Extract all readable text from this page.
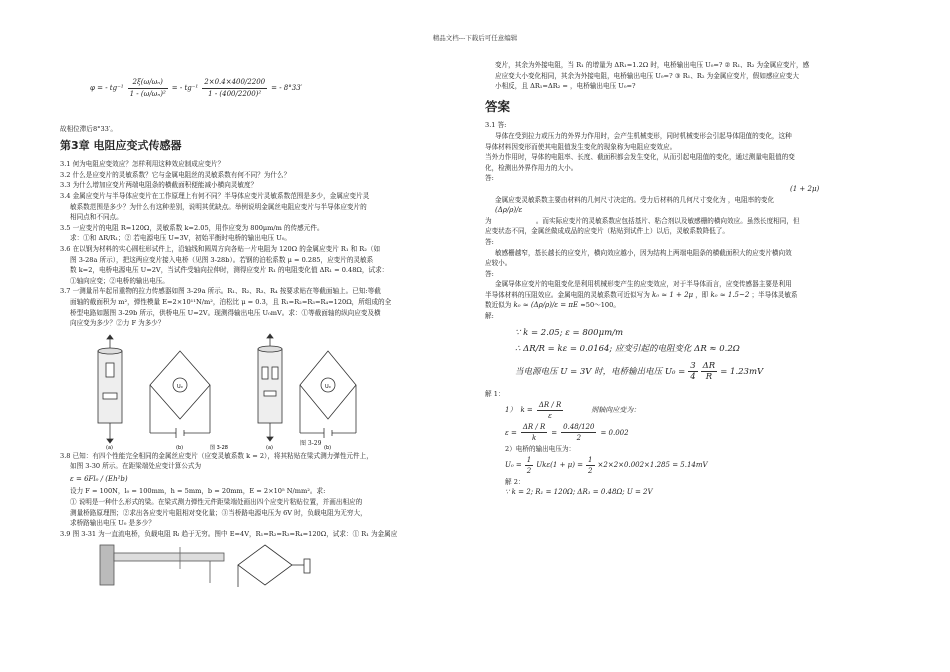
精品文档---下载后可任意编辑
φ = - $tg^{-1} \frac{\text{2ξ(ω/ωₙ)}}{\text{1 - (ω/ωₙ)²}}$ = - $tg^{-1} \frac{2\times 0.4\times 400/2200}{\text{1 - (400/2200)²}}$ = - 8°33′

故相位滞后8°33′。

第3章 电阻应变式传感器

3.1 何为电阻应变效应？怎样利用这种效应制成应变片？

3.2 什么是应变片的灵敏系数？它与金属电阻丝的灵敏系数有何不同？为什么？

3.3 为什么增加应变片两端电阻条的横截面积便能减小横向灵敏度？

3.4 金属应变片与半导体应变片在工作原理上有何不同？半导体应变片灵敏系数范围是多少，金属应变片灵

敏系数范围是多少？为什么有这种差别，说明其优缺点。举例说明金属丝电阻应变片与半导体应变片的

相同点和不同点。

3.5 一应变片的电阻 R=120Ω，灵敏系数 k=2.05，用作应变为 800μm/m 的传感元件。

求：①和 ΔR/R₁；② 若电源电压 U=3V，初始平衡时电桥的输出电压 U₀。

3.6 在以钢为材料的实心圆柱形试件上，沿轴线和圆周方向各贴一片电阻为 120Ω 的金属应变片 R₁ 和 R₂（如

图 3-28a 所示），把这两应变片接入电桥（见图 3-28b）。若钢的泊松系数 μ = 0.285，应变片的灵敏系

数 k=2，电桥电源电压 U=2V，当试件受轴向拉伸时，测得应变片 R₁ 的电阻变化值 ΔR₁ = 0.48Ω，试求：

①轴向应变；②电桥的输出电压。

3.7 一测量吊车起吊重物的拉力传感器如图 3-29a 所示。R₁、R₂、R₃、R₄ 按要求贴在等截面轴上。已知:等截

面轴的截面积为 m²，弹性模量 E=2×10¹¹N/m²，泊松比 μ = 0.3，且 R₁=R₂=R₃=R₄=120Ω，所组成的全

桥型电路如题图 3-29b 所示，供桥电压 U=2V。现测得输出电压 U₀mV。求：①等截面轴的纵向应变及横

向应变为多少？②力 F 为多少？

(a)
U₀
(b)	图 3-28	(a)
U₀
(b)
图 3-29

3.8 已知：有四个性能完全相同的金属丝应变片（应变灵敏系数 k = 2），将其粘贴在梁式测力弹性元件上，

如图 3-30 所示。在距梁端处应变计算公式为

ε = 6Fl₀ / (Eh²b)

设力 F = 100N，l₀ = 100mm，h = 5mm，b = 20mm，E = 2×10⁵ N/mm²。求:

① 说明是一种什么形式的梁。在梁式测力弹性元件距梁端处画出四个应变片粘贴位置，并画出相应的

测量桥路原理图；②求出各应变片电阻相对变化量；③当桥路电源电压为 6V 时，负载电阻为无穷大，

求桥路输出电压 U₀ 是多少？

3.9 图 3-31 为一直流电桥，负载电阻 Rₗ 趋于无穷。图中 E=4V，R₁=R₂=R₃=R₄=120Ω，试求：① R₁ 为金属应

变片，其余为外接电阻，当 R₁ 的增量为 ΔR₁=1.2Ω 时，电桥输出电压 U₀=? ② R₁、R₂ 为金属应变片，感

应应变大小变化相同，其余为外接电阻，电桥输出电压 U₀=? ③ R₁、R₂ 为金属应变片，假如感应应变大

小相反，且 ΔR₁=ΔR₂ = ，电桥输出电压 U₀=?

答案

3.1 答:

导体在受到拉力或压力的外界力作用时，会产生机械变形，同时机械变形会引起导体阻值的变化，这种

导体材料因变形而使其电阻值发生变化的现象称为电阻应变效应。

当外力作用时，导体的电阻率、长度、截面积都会发生变化，从而引起电阻值的变化，通过测量电阻值的变

化，检测出外界作用力的大小。

答:

(1 + 2μ)

金属应变灵敏系数主要由材料的几何尺寸决定的。受力后材料的几何尺寸变化为 ，电阻率的变化

(Δρ/ρ)/ε

为	。而实际应变片的灵敏系数应包括基片、粘合剂以及敏感栅的横向效应。虽然长度相同，但

应变状态不同，金属丝做成成品的应变片（粘贴到试件上）以后，灵敏系数降低了。

答:

敏感栅越窄，基长越长的应变片，横向效应越小，因为结构上两端电阻条的横截面积大的应变片横向效

应较小。

答:

金属导体应变片的电阻变化是利用机械形变产生的应变效应，对于半导体而言，应变传感器主要是利用

半导体材料的压阻效应。金属电阻的灵敏系数可近似写为 k₀ ≈ 1 + 2μ ，即 k₀ ≈ 1.5~2 ；半导体灵敏系

数近似为 k₀ ≈ (Δρ/ρ)/ε = πE ≈50～100。

解:

∵ k = 2.05; ε = 800μm/m

∴ ΔR/R = kε = 0.0164; 应变引起的电阻变化 ΔR ≈ 0.2Ω

当电源电压 U = 3V 时，电桥输出电压 $U_0 = \frac{3}{4} \frac{\Delta R}{R} = 1.23mV$

解 1：

1） $k = \frac{\Delta R / R}{\varepsilon}$	则轴向应变为：
$\varepsilon = \frac{\Delta R / R}{k} = \frac{0.48/120}{2} = 0.002$

2）电桥的输出电压为：

$U_0 = \frac{1}{2} Uk\varepsilon(1 + \mu) = \frac{1}{2} \times 2\times 2\times 0.002\times 1.285 = 5.14mV$

解 2：

∵ k = 2; R₁ = 120Ω; ΔR₁ = 0.48Ω; U = 2V
